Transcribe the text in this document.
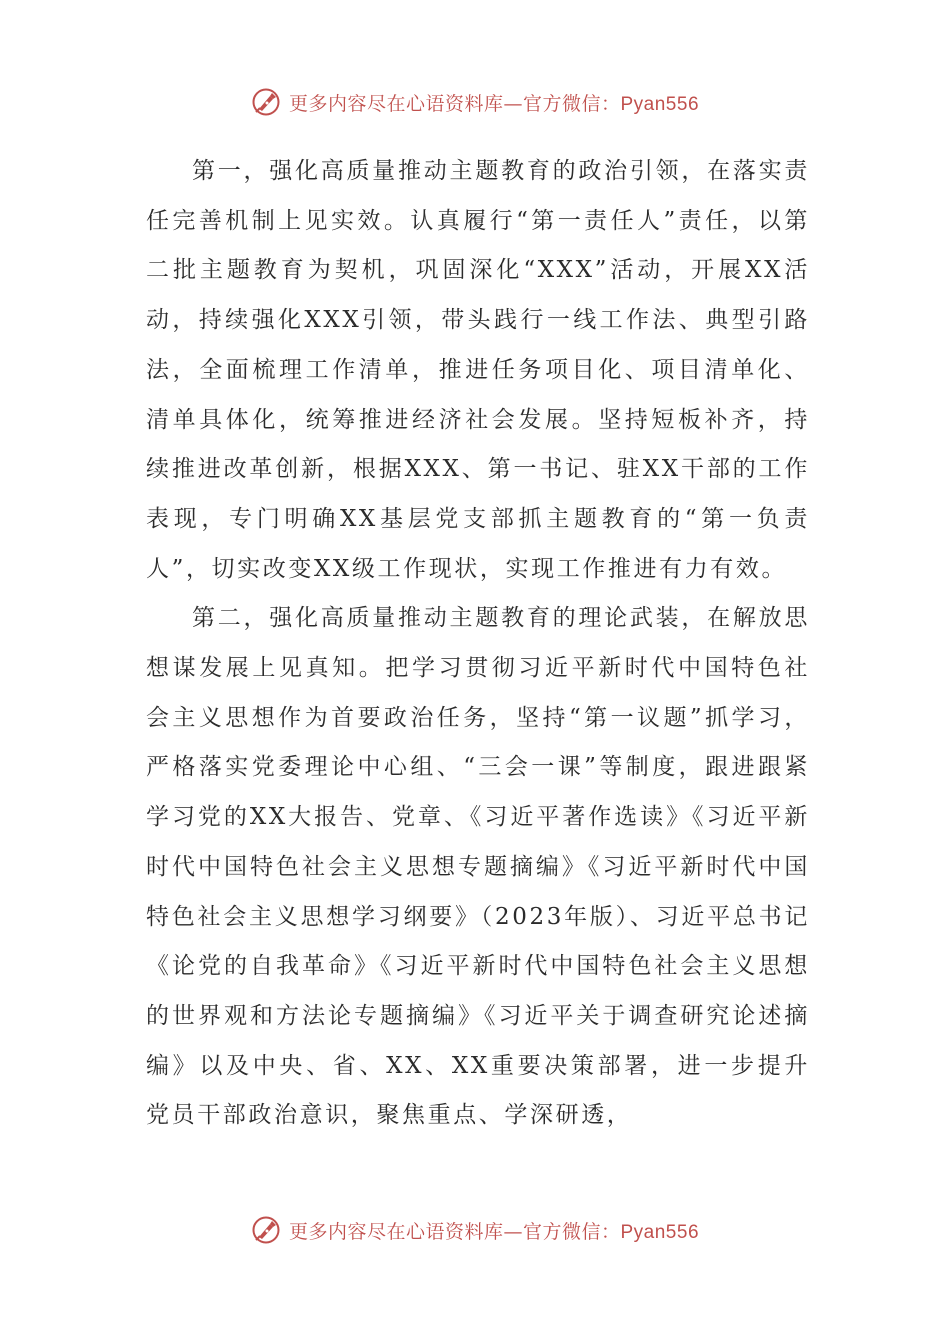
更多内容尽在心语资料库—官方微信：Pyan556

第一，强化高质量推动主题教育的政治引领，在落实责任完善机制上见实效。认真履行“第一责任人”责任，以第二批主题教育为契机，巩固深化“XXX”活动，开展XX活动，持续强化XXX引领，带头践行一线工作法、典型引路法，全面梳理工作清单，推进任务项目化、项目清单化、清单具体化，统筹推进经济社会发展。坚持短板补齐，持续推进改革创新，根据XXX、第一书记、驻XX干部的工作表现，专门明确XX基层党支部抓主题教育的“第一负责人”，切实改变XX级工作现状，实现工作推进有力有效。

第二，强化高质量推动主题教育的理论武装，在解放思想谋发展上见真知。把学习贯彻习近平新时代中国特色社会主义思想作为首要政治任务，坚持“第一议题”抓学习，严格落实党委理论中心组、“三会一课”等制度，跟进跟紧学习党的XX大报告、党章、《习近平著作选读》《习近平新时代中国特色社会主义思想专题摘编》《习近平新时代中国特色社会主义思想学习纲要》（2023年版）、习近平总书记《论党的自我革命》《习近平新时代中国特色社会主义思想的世界观和方法论专题摘编》《习近平关于调查研究论述摘编》以及中央、省、XX、XX重要决策部署，进一步提升党员干部政治意识，聚焦重点、学深研透，

更多内容尽在心语资料库—官方微信：Pyan556
